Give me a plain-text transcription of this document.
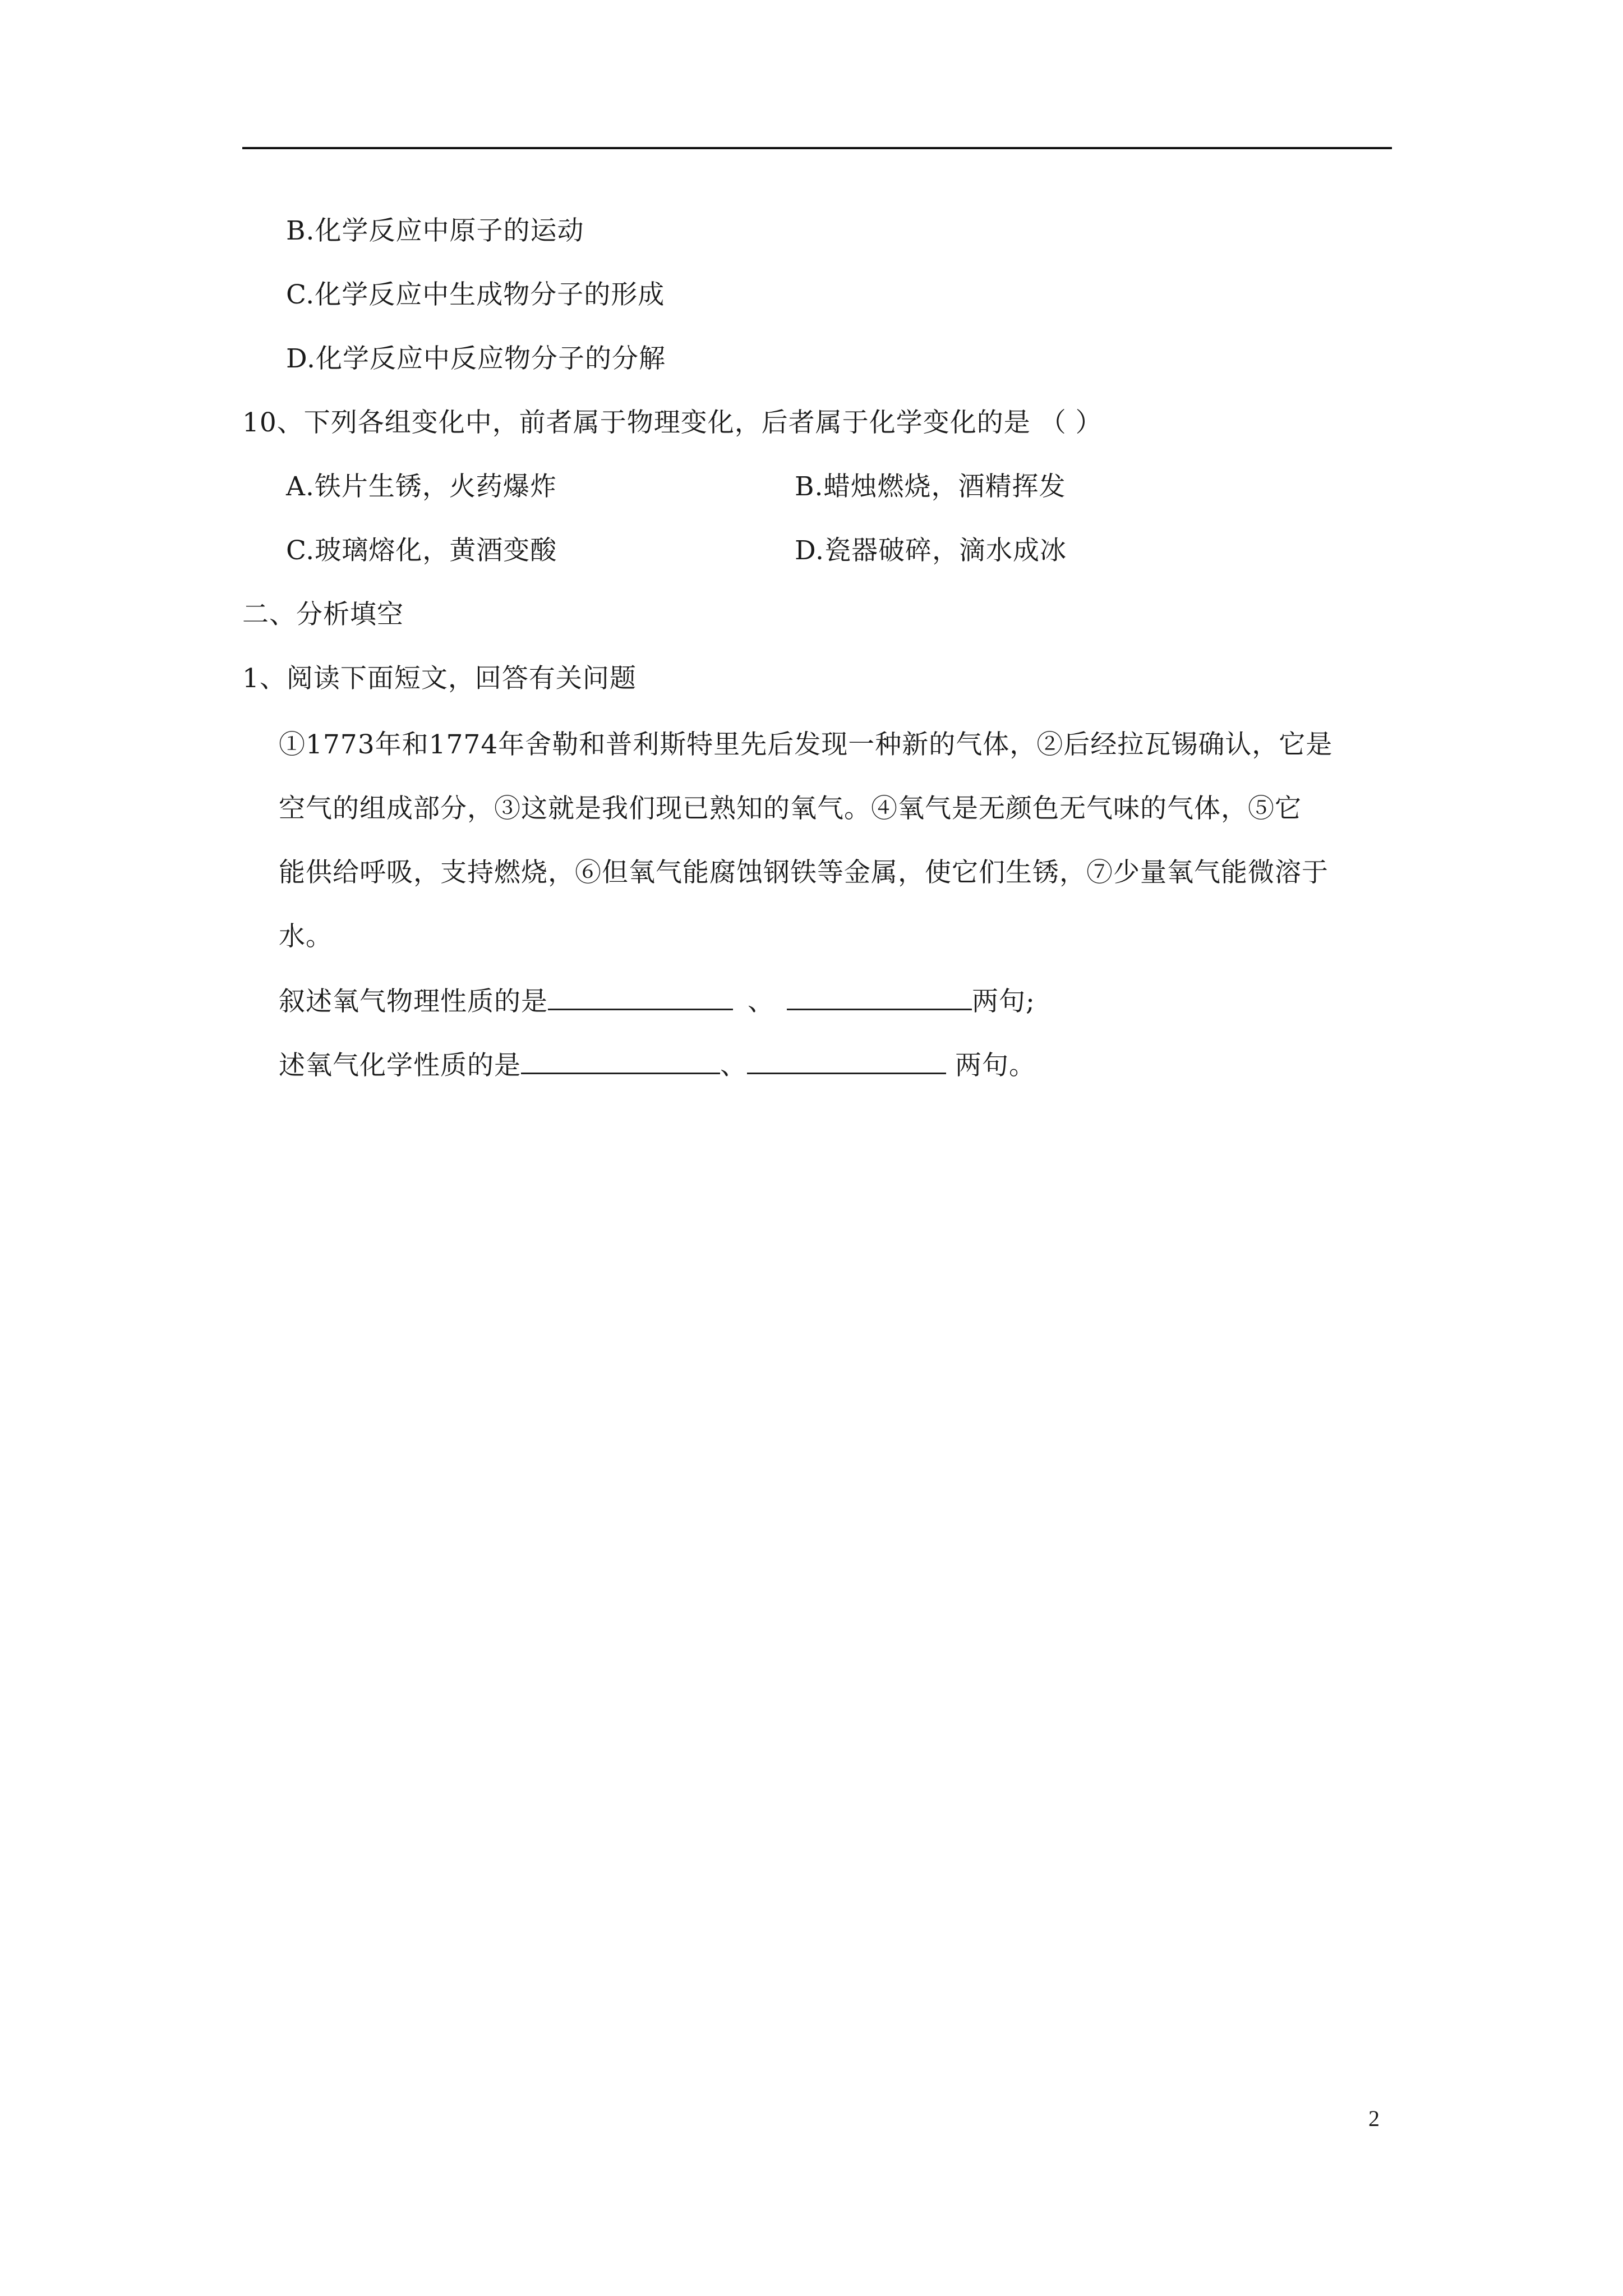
B.化学反应中原子的运动
C.化学反应中生成物分子的形成
D.化学反应中反应物分子的分解
10、下列各组变化中，前者属于物理变化，后者属于化学变化的是 （ ）
A.铁片生锈，火药爆炸	B.蜡烛燃烧，酒精挥发
C.玻璃熔化，黄酒变酸	D.瓷器破碎，滴水成冰
二、分析填空
1、阅读下面短文，回答有关问题
①1773年和1774年舍勒和普利斯特里先后发现一种新的气体，②后经拉瓦锡确认，它是
空气的组成部分，③这就是我们现已熟知的氧气。④氧气是无颜色无气味的气体，⑤它
能供给呼吸，支持燃烧，⑥但氧气能腐蚀钢铁等金属，使它们生锈，⑦少量氧气能微溶于
水。
叙述氧气物理性质的是	、	两句;
述氧气化学性质的是	、	两句。
2
